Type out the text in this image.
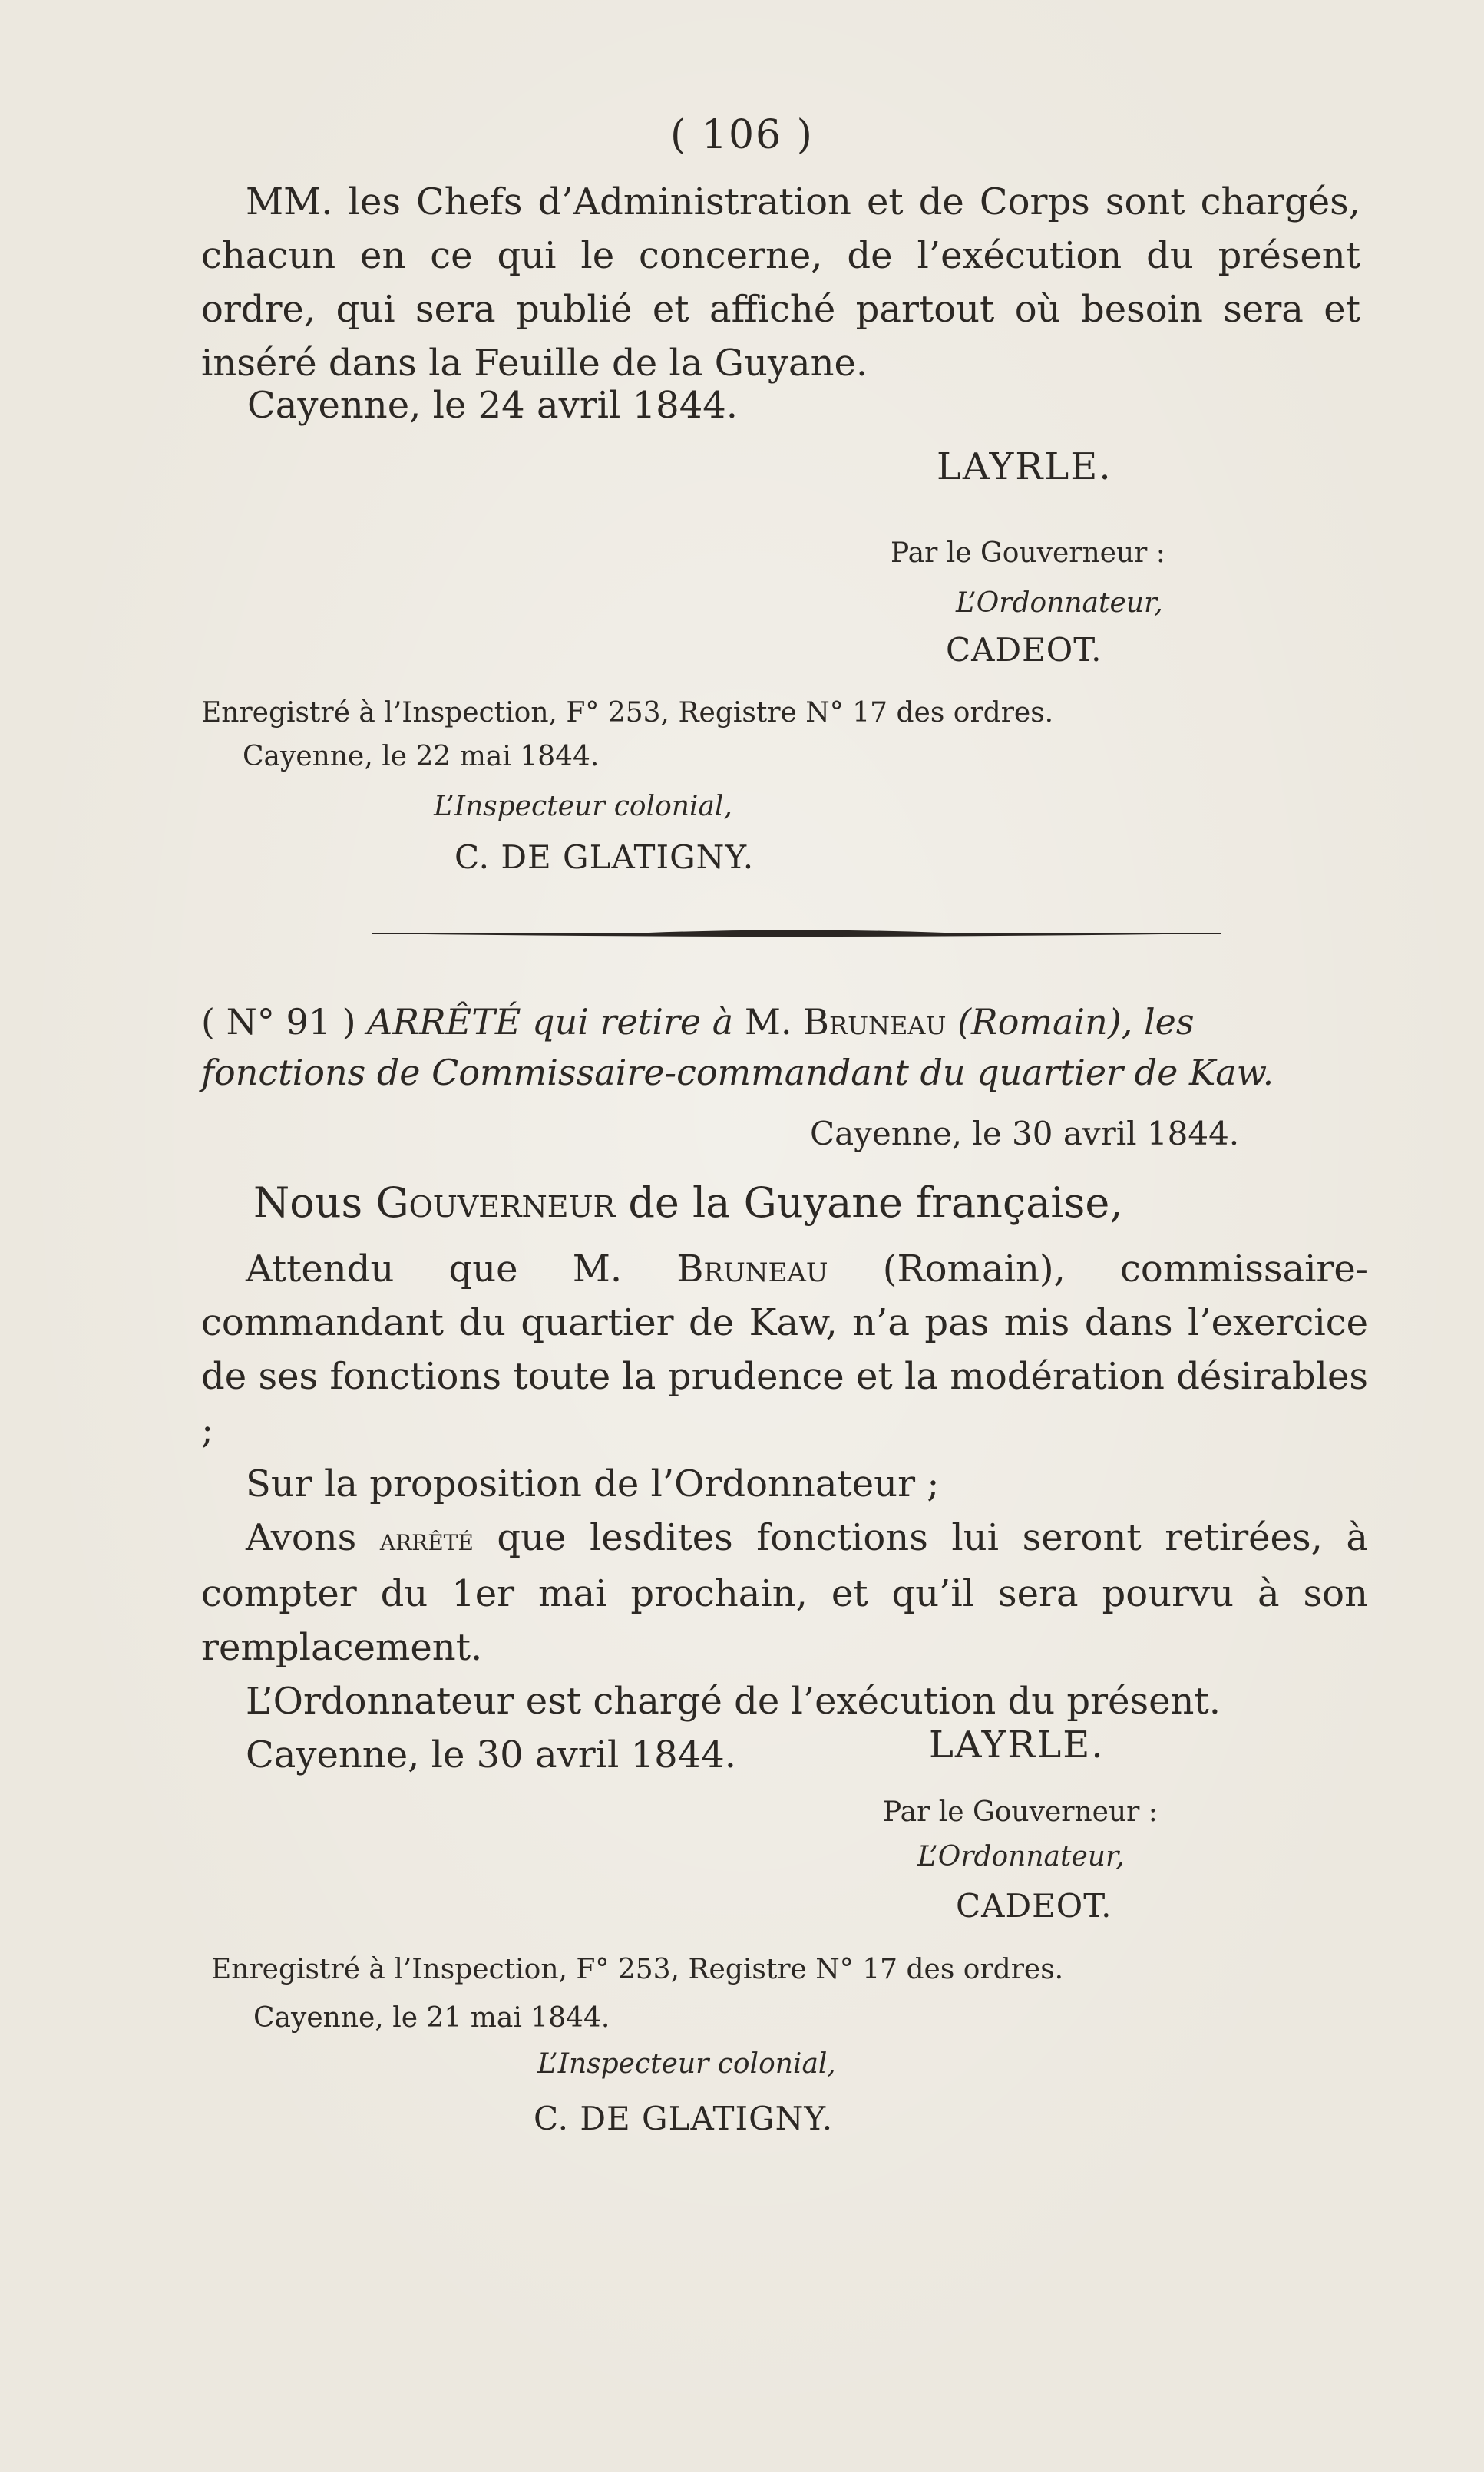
( 106 )

MM. les Chefs d’Administration et de Corps sont chargés, chacun en ce qui le concerne, de l’exécution du présent ordre, qui sera publié et affiché partout où besoin sera et inséré dans la Feuille de la Guyane.

Cayenne, le 24 avril 1844.
LAYRLE.
Par le Gouverneur :
L’Ordonnateur,
CADEOT.
Enregistré à l’Inspection, F° 253, Registre N° 17 des ordres.
Cayenne, le 22 mai 1844.
L’Inspecteur colonial,
C. DE GLATIGNY.
( N° 91 ) ARRÊTÉ qui retire à M. Bruneau (Romain), les
fonctions de Commissaire-commandant du quartier de Kaw.
Cayenne, le 30 avril 1844.
Nous Gouverneur de la Guyane française,

Attendu que M. Bruneau (Romain), commissaire-commandant du quartier de Kaw, n’a pas mis dans l’exercice de ses fonctions toute la prudence et la modération désirables ;

Sur la proposition de l’Ordonnateur ;

Avons arrêté que lesdites fonctions lui seront retirées, à compter du 1er mai prochain, et qu’il sera pourvu à son remplacement.

L’Ordonnateur est chargé de l’exécution du présent.

Cayenne, le 30 avril 1844.	LAYRLE.
Par le Gouverneur :
L’Ordonnateur,
CADEOT.
Enregistré à l’Inspection, F° 253, Registre N° 17 des ordres.
Cayenne, le 21 mai 1844.
L’Inspecteur colonial,
C. DE GLATIGNY.
